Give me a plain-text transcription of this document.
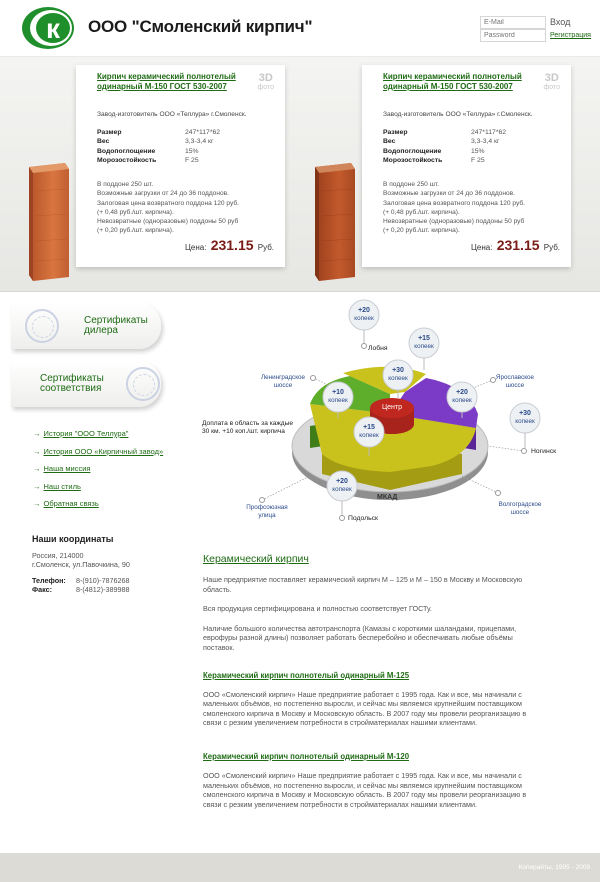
к ООО "Смоленский кирпич"
E-Mail	Вход
Регистрация
Кирпич керамический полнотелый одинарный М-150 ГОСТ 530-2007
3D
фото
Завод-изготовитель ООО «Теллура» г.Смоленск.
Размер	247*117*62
Вес	3,3-3,4 кг
Водопоглощение	15%
Морозостойкость	F 25
В поддоне 250 шт.
Возможные загрузки от 24 до 36 поддонов.
Залоговая цена возвратного поддона 120 руб.
(+ 0,48 руб./шт. кирпича).
Невозвратные (одноразовые) поддоны 50 руб
(+ 0,20 руб./шт. кирпича).
Цена: 231.15 Руб.
Кирпич керамический полнотелый одинарный М-150 ГОСТ 530-2007
3D
фото
Завод-изготовитель ООО «Теллура» г.Смоленск.
Размер	247*117*62
Вес	3,3-3,4 кг
Водопоглощение	15%
Морозостойкость	F 25
В поддоне 250 шт.
Возможные загрузки от 24 до 36 поддонов.
Залоговая цена возвратного поддона 120 руб.
(+ 0,48 руб./шт. кирпича).
Невозвратные (одноразовые) поддоны 50 руб
(+ 0,20 руб./шт. кирпича).
Цена: 231.15 Руб.
Сертификаты дилера
Сертификаты соответствия
→ История "ООО Теллура"
→ История ООО «Кирпичный завод»
→ Наша миссия
→ Наш стиль
→ Обратная связь
Наши координаты
Россия, 214000
г.Смоленск, ул.Павочкина, 90
Телефон:	8-(910)-7876268
Факс:	8-(4812)-389988
+20
копеек
+15
копеек
+30
копеек
+20
копеек
+10
копеек
+15
копеек
+30
копеек
+20
копеек
Центр
МКАД
Лобня
Ленинградское шоссе
Ярославское шоссе
Ногинск
Волгоградское шоссе
Подольск
Профсоюзная улица
Доплата в область за каждые 30 км. +10 коп./шт. кирпича
Керамический кирпич
Наше предприятие поставляет керамический кирпич М – 125 и М – 150 в Москву и Московскую область.
Вся продукция сертифицирована и полностью соответствует ГОСТу.
Наличие большого количества автотранспорта (Камазы с короткими шаландами, прицепами, еврофуры разной длины) позволяет работать бесперебойно и обеспечивать любые объёмы поставок.
Керамический кирпич полнотелый одинарный М-125
ООО «Смоленский кирпич» Наше предприятие работает с 1995 года. Как и все, мы начинали с маленьких объёмов, но постепенно выросли, и сейчас мы являемся крупнейшим поставщиком смоленского кирпича в Москву и Московскую область. В 2007 году мы провели реорганизацию в связи с резким увеличением потребности в стройматериалах нашими клиентами.
Керамический кирпич полнотелый одинарный М-120
ООО «Смоленский кирпич» Наше предприятие работает с 1995 года. Как и все, мы начинали с маленьких объёмов, но постепенно выросли, и сейчас мы являемся крупнейшим поставщиком смоленского кирпича в Москву и Московскую область. В 2007 году мы провели реорганизацию в связи с резким увеличением потребности в стройматериалах нашими клиентами.
Копирайты, 1995 - 2009
